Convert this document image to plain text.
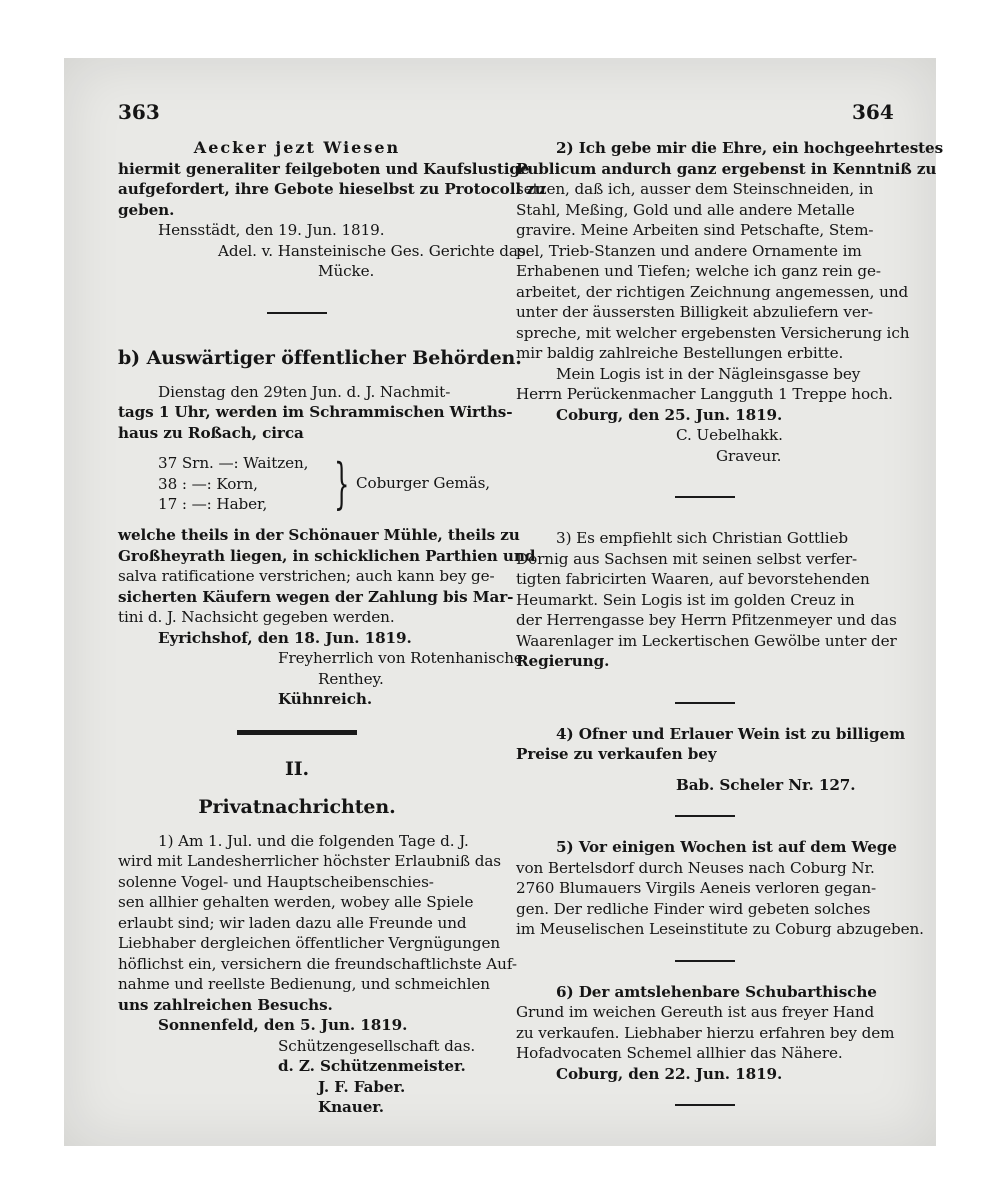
363	364
Aecker jezt Wiesen
hiermit generaliter feilgeboten und Kaufslustige
aufgefordert, ihre Gebote hieselbst zu Protocoll zu
geben.
Hensstädt, den 19. Jun. 1819.
Adel. v. Hansteinische Ges. Gerichte das.
Mücke.
b) Auswärtiger öffentlicher Behörden.
Dienstag den 29ten Jun. d. J. Nachmit-
tags 1 Uhr, werden im Schrammischen Wirths-
haus zu Roßach, circa
37 Srn. —: Waitzen,
38 : —: Korn,
17 : —: Haber,	} Coburger Gemäs,
welche theils in der Schönauer Mühle, theils zu
Großheyrath liegen, in schicklichen Parthien und
salva ratificatione verstrichen; auch kann bey ge-
sicherten Käufern wegen der Zahlung bis Mar-
tini d. J. Nachsicht gegeben werden.
Eyrichshof, den 18. Jun. 1819.
Freyherrlich von Rotenhanische
Renthey.
Kühnreich.
II.
Privatnachrichten.
1) Am 1. Jul. und die folgenden Tage d. J.
wird mit Landesherrlicher höchster Erlaubniß das
solenne Vogel- und Hauptscheibenschies-
sen allhier gehalten werden, wobey alle Spiele
erlaubt sind; wir laden dazu alle Freunde und
Liebhaber dergleichen öffentlicher Vergnügungen
höflichst ein, versichern die freundschaftlichste Auf-
nahme und reellste Bedienung, und schmeichlen
uns zahlreichen Besuchs.
Sonnenfeld, den 5. Jun. 1819.
Schützengesellschaft das.
d. Z. Schützenmeister.
J. F. Faber.
Knauer.
2) Ich gebe mir die Ehre, ein hochgeehrtestes
Publicum andurch ganz ergebenst in Kenntniß zu
setzen, daß ich, ausser dem Steinschneiden, in
Stahl, Meßing, Gold und alle andere Metalle
gravire. Meine Arbeiten sind Petschafte, Stem-
pel, Trieb-Stanzen und andere Ornamente im
Erhabenen und Tiefen; welche ich ganz rein ge-
arbeitet, der richtigen Zeichnung angemessen, und
unter der äussersten Billigkeit abzuliefern ver-
spreche, mit welcher ergebensten Versicherung ich
mir baldig zahlreiche Bestellungen erbitte.
Mein Logis ist in der Nägleinsgasse bey
Herrn Perückenmacher Langguth 1 Treppe hoch.
Coburg, den 25. Jun. 1819.
C. Uebelhakk.
Graveur.
3) Es empfiehlt sich Christian Gottlieb
Dornig aus Sachsen mit seinen selbst verfer-
tigten fabricirten Waaren, auf bevorstehenden
Heumarkt. Sein Logis ist im golden Creuz in
der Herrengasse bey Herrn Pfitzenmeyer und das
Waarenlager im Leckertischen Gewölbe unter der
Regierung.
4) Ofner und Erlauer Wein ist zu billigem
Preise zu verkaufen bey
Bab. Scheler Nr. 127.
5) Vor einigen Wochen ist auf dem Wege
von Bertelsdorf durch Neuses nach Coburg Nr.
2760 Blumauers Virgils Aeneis verloren gegan-
gen. Der redliche Finder wird gebeten solches
im Meuselischen Leseinstitute zu Coburg abzugeben.
6) Der amtslehenbare Schubarthische
Grund im weichen Gereuth ist aus freyer Hand
zu verkaufen. Liebhaber hierzu erfahren bey dem
Hofadvocaten Schemel allhier das Nähere.
Coburg, den 22. Jun. 1819.
